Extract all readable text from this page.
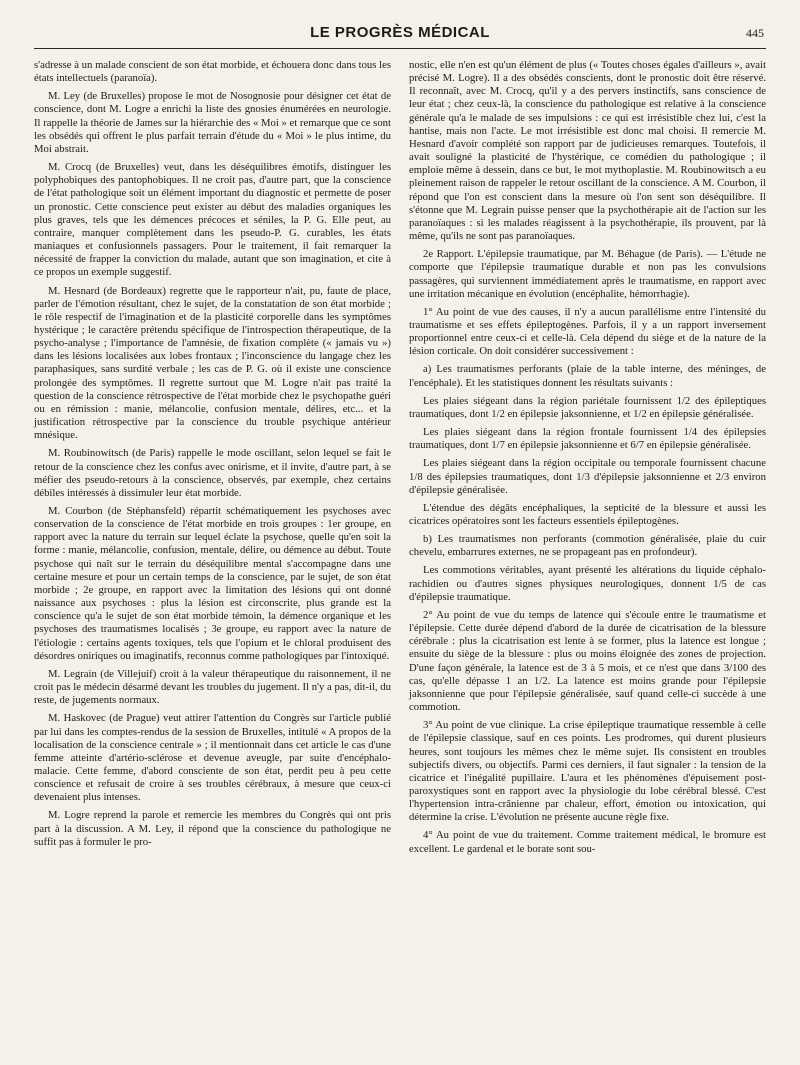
LE PROGRÈS MÉDICAL	445

s'adresse à un malade conscient de son état morbide, et échouera donc dans tous les états intellectuels (paranoïa).

M. Ley (de Bruxelles) propose le mot de Nosognosie pour désigner cet état de conscience, dont M. Logre a enrichi la liste des gnosies énumérées en neurologie. Il rappelle la théorie de James sur la hiérarchie des « Moi » et remarque que ce sont les obsédés qui offrent le plus parfait terrain d'étude du « Moi » le plus intime, du Moi abstrait.

M. Crocq (de Bruxelles) veut, dans les déséquilibres émotifs, distinguer les polyphobiques des pantophobiques. Il ne croit pas, d'autre part, que la conscience de l'état pathologique soit un élément important du diagnostic et permette de poser un pronostic. Cette conscience peut exister au début des maladies organiques les plus graves, tels que les démences précoces et séniles, la P. G. Elle peut, au contraire, manquer complètement dans les pseudo-P. G. curables, les états maniaques et confusionnels passagers. Pour le traitement, il fait remarquer la nécessité de frapper la conviction du malade, autant que son imagination, et cite à ce propos un exemple suggestif.

M. Hesnard (de Bordeaux) regrette que le rapporteur n'ait, pu, faute de place, parler de l'émotion résultant, chez le sujet, de la constatation de son état morbide ; le rôle respectif de l'imagination et de la plasticité corporelle dans les symptômes hystérique ; le caractère prétendu spécifique de l'introspection thérapeutique, de la psycho-analyse ; l'importance de l'amnésie, de fixation complète (« jamais vu ») dans les lésions localisées aux lobes frontaux ; l'inconscience du langage chez les paraphasiques, sans surdité verbale ; les cas de P. G. où il existe une conscience prolongée des symptômes. Il regrette surtout que M. Logre n'ait pas traité la question de la conscience rétrospective de l'état morbide chez le psychopathe guéri ou en rémission : manie, mélancolie, confusion mentale, délires, etc... et la justification rétrospective par la conscience du trouble psychique antérieur mnésique.

M. Roubinowitsch (de Paris) rappelle le mode oscillant, selon lequel se fait le retour de la conscience chez les confus avec onirisme, et il invite, d'autre part, à se méfier des pseudo-retours à la conscience, observés, par exemple, chez certains débiles intéressés à dissimuler leur état morbide.

M. Courbon (de Stéphansfeld) répartit schématiquement les psychoses avec conservation de la conscience de l'état morbide en trois groupes : 1er groupe, en rapport avec la nature du terrain sur lequel éclate la psychose, quelle qu'en soit la forme : manie, mélancolie, confusion, mentale, délire, ou démence au début. Toute psychose qui naît sur le terrain du déséquilibre mental s'accompagne dans une certaine mesure et pour un certain temps de la conscience, par le sujet, de son état morbide ; 2e groupe, en rapport avec la limitation des lésions qui ont donné naissance aux psychoses : plus la lésion est circonscrite, plus grande est la conscience qu'a le sujet de son état morbide témoin, la démence organique et les psychoses des traumatismes localisés ; 3e groupe, eu rapport avec la nature de l'étiologie : certains agents toxiques, tels que l'opium et le chloral produisent des désordres oniriques ou imaginatifs, reconnus comme pathologiques par l'intoxiqué.

M. Legrain (de Villejuif) croit à la valeur thérapeutique du raisonnement, il ne croit pas le médecin désarmé devant les troubles du jugement. Il n'y a pas, dit-il, du reste, de jugements normaux.

M. Haskovec (de Prague) veut attirer l'attention du Congrès sur l'article publié par lui dans les comptes-rendus de la session de Bruxelles, intitulé « A propos de la localisation de la conscience centrale » ; il mentionnait dans cet article le cas d'une femme atteinte d'artério-sclérose et devenue aveugle, par suite d'encéphalo-malacie. Cette femme, d'abord consciente de son état, perdit peu à peu cette conscience et refusait de croire à ses troubles cérébraux, à mesure que ceux-ci devenaient plus intenses.

M. Logre reprend la parole et remercie les membres du Congrès qui ont pris part à la discussion. A M. Ley, il répond que la conscience du pathologique ne suffit pas à formuler le pro-

nostic, elle n'en est qu'un élément de plus (« Toutes choses égales d'ailleurs », avait précisé M. Logre). Il a des obsédés conscients, dont le pronostic doit être réservé. Il reconnaît, avec M. Crocq, qu'il y a des pervers instinctifs, sans conscience de leur état ; chez ceux-là, la conscience du pathologique est relative à la conscience générale qu'a le malade de ses impulsions : ce qui est irrésistible chez lui, c'est la hantise, mais non l'acte. Le mot irrésistible est donc mal choisi. Il remercie M. Hesnard d'avoir complété son rapport par de judicieuses remarques. Toutefois, il avait souligné la plasticité de l'hystérique, ce comédien du pathologique ; il emploie même à dessein, dans ce but, le mot mythoplastie. M. Roubinowitsch a eu pleinement raison de rappeler le retour oscillant de la conscience. A M. Courbon, il répond que l'on est conscient dans la mesure où l'on sent son déséquilibre. Il s'étonne que M. Legrain puisse penser que la psychothérapie ait de l'action sur les paranoïaques : si les malades réagissent à la psychothérapie, ils prouvent, par là même, qu'ils ne sont pas paranoïaques.

2e Rapport. L'épilepsie traumatique, par M. Béhague (de Paris). — L'étude ne comporte que l'épilepsie traumatique durable et non pas les convulsions passagères, qui surviennent immédiatement après le traumatisme, en rapport avec une irritation mécanique en évolution (encéphalite, hémorrhagie).

1° Au point de vue des causes, il n'y a aucun parallélisme entre l'intensité du traumatisme et ses effets épileptogènes. Parfois, il y a un rapport inversement proportionnel entre ceux-ci et celle-là. Cela dépend du siège et de la nature de la lésion corticale. On doit considérer successivement :

a) Les traumatismes perforants (plaie de la table interne, des méninges, de l'encéphale). Et les statistiques donnent les résultats suivants :

Les plaies siégeant dans la région pariétale fournissent 1/2 des épileptiques traumatiques, dont 1/2 en épilepsie jaksonnienne, et 1/2 en épilepsie généralisée.

Les plaies siégeant dans la région frontale fournissent 1/4 des épilepsies traumatiques, dont 1/7 en épilepsie jaksonnienne et 6/7 en épilepsie généralisée.

Les plaies siégeant dans la région occipitale ou temporale fournissent chacune 1/8 des épilepsies traumatiques, dont 1/3 d'épilepsie jaksonnienne et 2/3 environ d'épilepsie généralisée.

L'étendue des dégâts encéphaliques, la septicité de la blessure et aussi les cicatrices opératoires sont les facteurs essentiels épileptogènes.

b) Les traumatismes non perforants (commotion généralisée, plaie du cuir chevelu, embarrures externes, ne se propageant pas en profondeur).

Les commotions véritables, ayant présenté les altérations du liquide céphalo-rachidien ou d'autres signes physiques neurologiques, donnent 1/5 de cas d'épilepsie traumatique.

2° Au point de vue du temps de latence qui s'écoule entre le traumatisme et l'épilepsie. Cette durée dépend d'abord de la durée de cicatrisation de la blessure cérébrale : plus la cicatrisation est lente à se former, plus la latence est longue ; ensuite du siège de la blessure : plus ou moins éloignée des zones de projection. D'une façon générale, la latence est de 3 à 5 mois, et ce n'est que dans 3/100 des cas, qu'elle dépasse 1 an 1/2. La latence est moins grande pour l'épilepsie jaksonnienne que pour l'épilepsie généralisée, sauf quand celle-ci succède à une commotion.

3° Au point de vue clinique. La crise épileptique traumatique ressemble à celle de l'épilepsie classique, sauf en ces points. Les prodromes, qui durent plusieurs heures, sont toujours les mêmes chez le même sujet. Ils consistent en troubles subjectifs divers, ou objectifs. Parmi ces derniers, il faut signaler : la tension de la cicatrice et l'inégalité pupillaire. L'aura et les phénomènes d'épuisement post-paroxystiques sont en rapport avec la physiologie du lobe cérébral blessé. C'est l'hypertension intra-crânienne par chaleur, effort, émotion ou intoxication, qui détermine la crise. L'évolution ne présente aucune règle fixe.

4° Au point de vue du traitement. Comme traitement médical, le bromure est excellent. Le gardenal et le borate sont sou-
